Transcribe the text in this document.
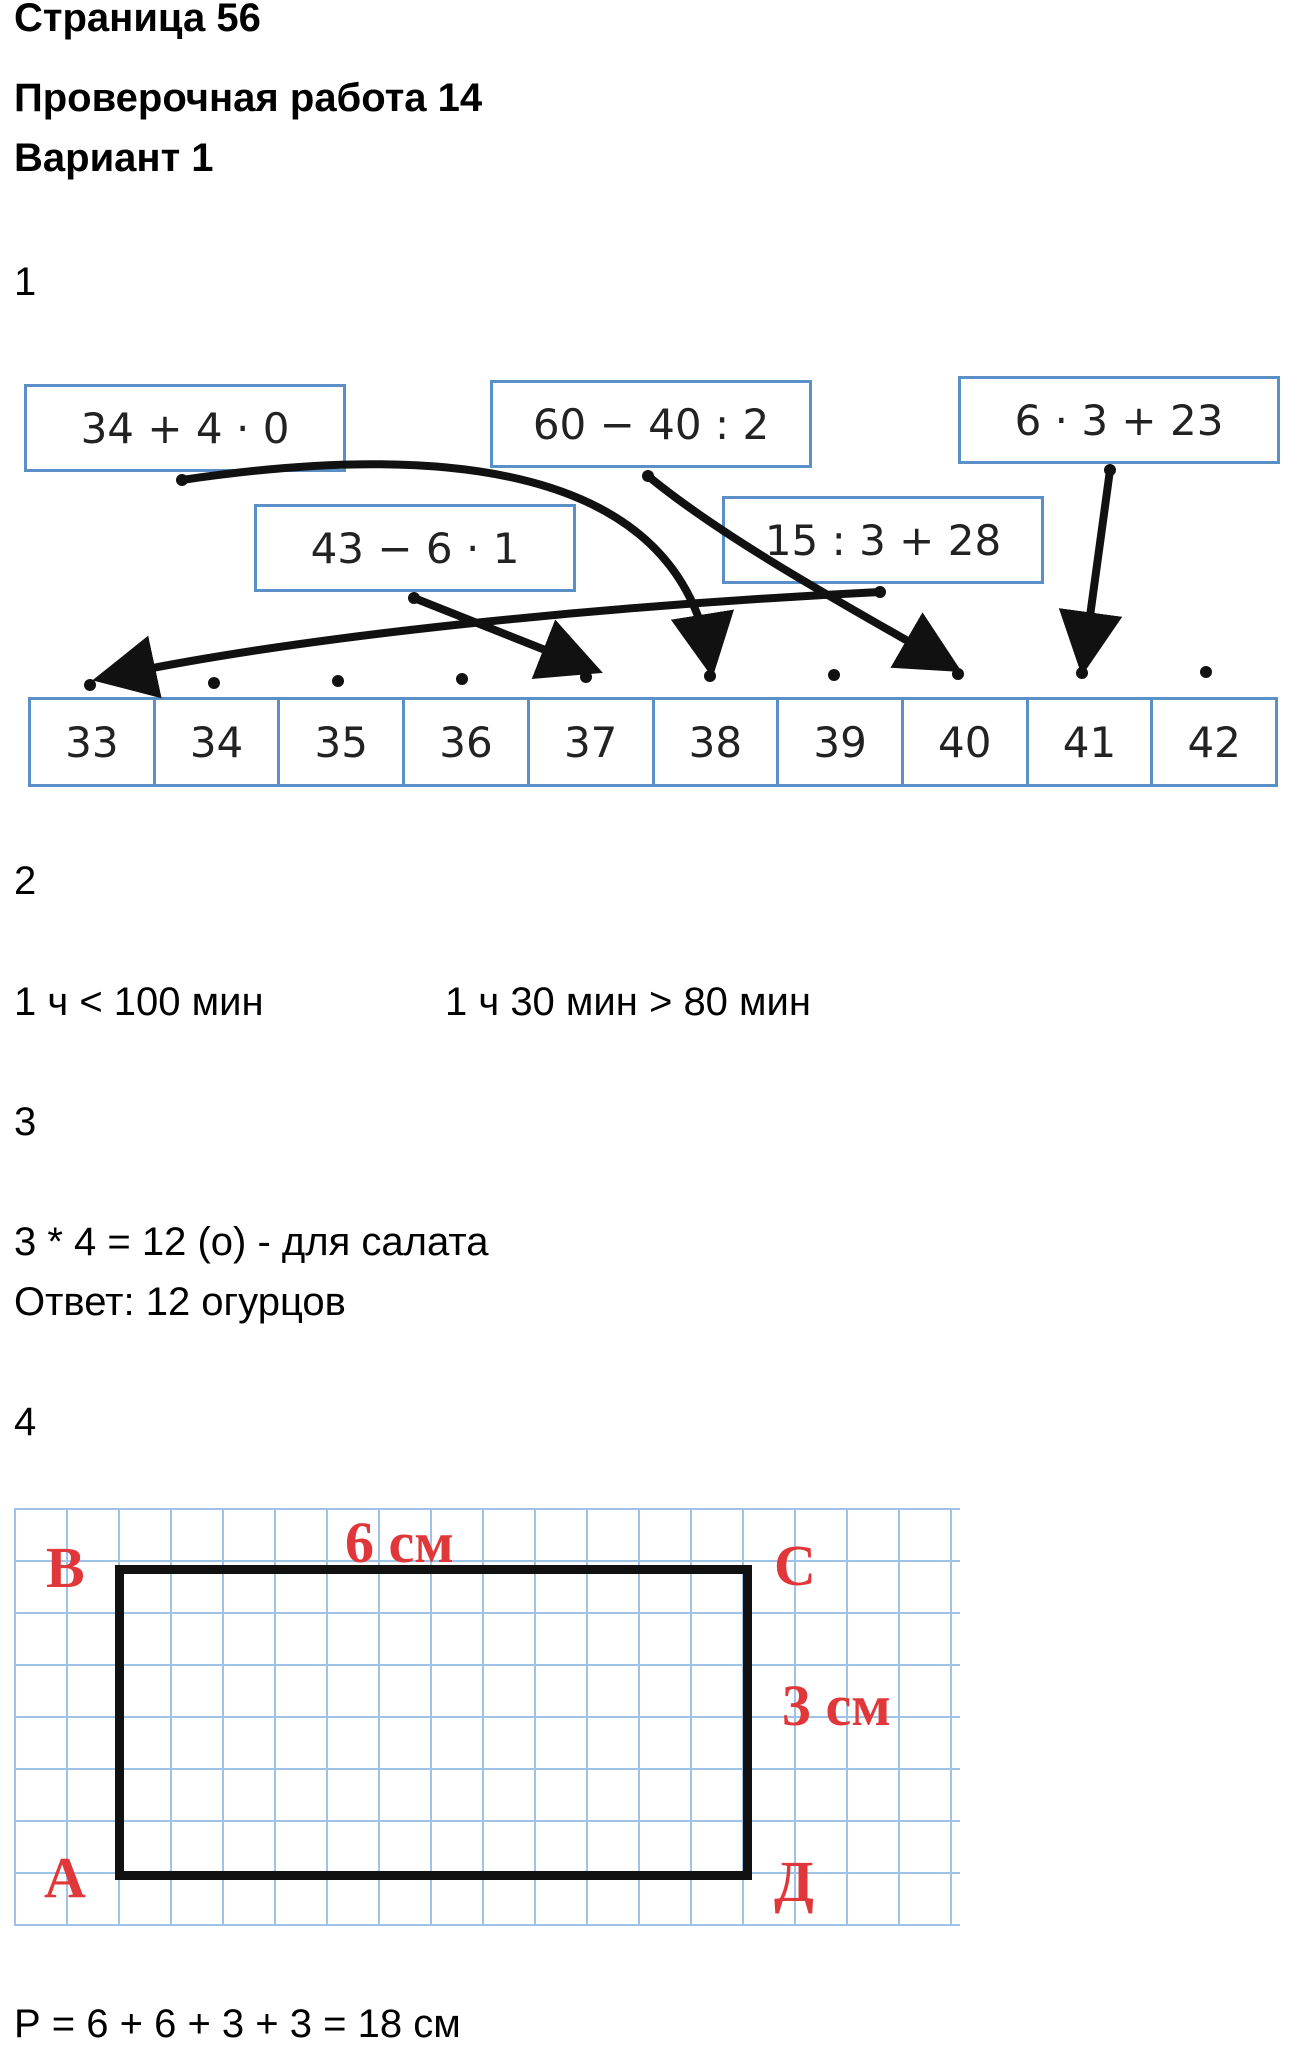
Страница 56
Проверочная работа 14
Вариант 1
1
34 + 4 · 0	60 − 40 : 2	6 · 3 + 23
43 − 6 · 1	15 : 3 + 28
33	34	35	36	37	38	39	40	41	42
2
1 ч < 100 мин	1 ч 30 мин > 80 мин
3
3 * 4 = 12 (о) - для салата
Ответ: 12 огурцов
4
В	С
А	Д
6 см
3 см
Р = 6 + 6 + 3 + 3 = 18 см
